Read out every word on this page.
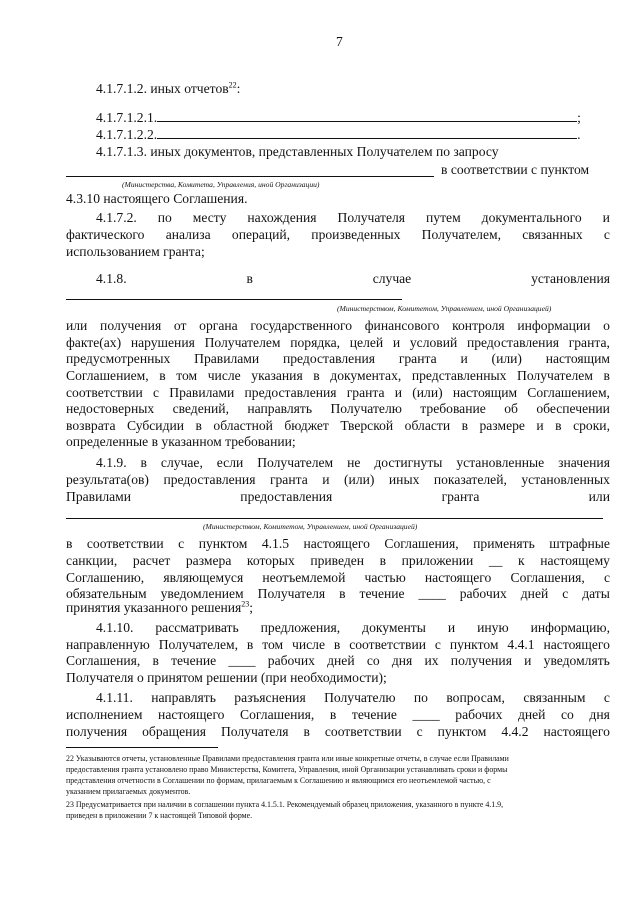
7
4.1.7.1.2. иных отчетов$^{22}$:
4.1.7.1.2.1.	;
4.1.7.1.2.2.	.
4.1.7.1.3. иных документов, представленных Получателем по запросу
в соответствии с пунктом
(Министерства, Комитета, Управления, иной Организации)
4.3.10 настоящего Соглашения.
4.1.7.2. по месту нахождения Получателя путем документального и
фактического анализа операций, произведенных Получателем, связанных с
использованием гранта;
4.1.8.	в	случае	установления
(Министерством, Комитетом, Управлением, иной Организацией)
или получения от органа государственного финансового контроля информации о
факте(ах) нарушения Получателем порядка, целей и условий предоставления гранта,
предусмотренных Правилами предоставления гранта и (или) настоящим
Соглашением, в том числе указания в документах, представленных Получателем в
соответствии с Правилами предоставления гранта и (или) настоящим Соглашением,
недостоверных сведений, направлять Получателю требование об обеспечении
возврата Субсидии в областной бюджет Тверской области в размере и в сроки,
определенные в указанном требовании;
4.1.9. в случае, если Получателем не достигнуты установленные значения
результата(ов) предоставления гранта и (или) иных показателей, установленных
Правилами	предоставления	гранта	или
(Министерством, Комитетом, Управлением, иной Организацией)
в соответствии с пунктом 4.1.5 настоящего Соглашения, применять штрафные
санкции, расчет размера которых приведен в приложении __ к настоящему
Соглашению, являющемуся неотъемлемой частью настоящего Соглашения, с
обязательным уведомлением Получателя в течение ____ рабочих дней с даты
принятия указанного решения$^{23}$;
4.1.10. рассматривать предложения, документы и иную информацию,
направленную Получателем, в том числе в соответствии с пунктом 4.4.1 настоящего
Соглашения, в течение ____ рабочих дней со дня их получения и уведомлять
Получателя о принятом решении (при необходимости);
4.1.11. направлять разъяснения Получателю по вопросам, связанным с
исполнением настоящего Соглашения, в течение ____ рабочих дней со дня
получения обращения Получателя в соответствии с пунктом 4.4.2 настоящего
22 Указываются отчеты, установленные Правилами предоставления гранта или иные конкретные отчеты, в случае если Правилами
предоставления гранта установлено право Министерства, Комитета, Управления, иной Организации устанавливать сроки и формы
представления отчетности в Соглашении по формам, прилагаемым к Соглашению и являющимся его неотъемлемой частью, с
указанием прилагаемых документов.
23 Предусматривается при наличии в соглашении пункта 4.1.5.1. Рекомендуемый образец приложения, указанного в пункте 4.1.9,
приведен в приложении 7 к настоящей Типовой форме.
